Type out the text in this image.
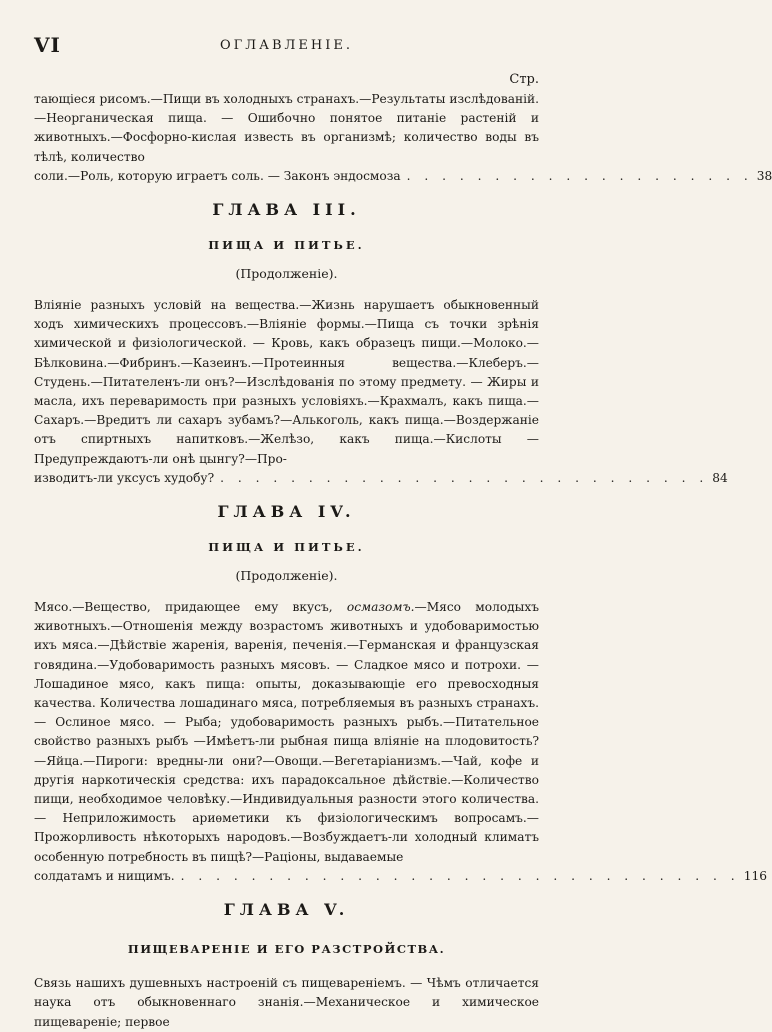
VI	ОГЛАВЛЕНІЕ.
Стр.

тающіеся рисомъ.—Пищи въ холодныхъ странахъ.—Результаты изслѣдованій.—Неорганическая пища. — Ошибочно понятое питаніе растеній и животныхъ.—Фосфорно-кислая известь въ организмѣ; количество воды въ тѣлѣ, количество

соли.—Роль, которую играетъ соль. — Законъ эндосмоза . . . . . . . . . . . . . . . . . . . . 38
ГЛАВА III.
ПИЩА И ПИТЬЕ.
(Продолженіе).

Вліяніе разныхъ условій на вещества.—Жизнь нарушаетъ обыкновенный ходъ химическихъ процессовъ.—Вліяніе формы.—Пища съ точки зрѣнія химической и физіологической. — Кровь, какъ образецъ пищи.—Молоко.—Бѣлковина.—Фибринъ.—Казеинъ.—Протеинныя вещества.—Клеберъ.— Студень.—Питателенъ-ли онъ?—Изслѣдованія по этому предмету. — Жиры и масла, ихъ переваримость при разныхъ условіяхъ.—Крахмалъ, какъ пища.—Сахаръ.—Вредитъ ли сахаръ зубамъ?—Алькоголь, какъ пища.—Воздержаніе отъ спиртныхъ напитковъ.—Желѣзо, какъ пища.—Кислоты — Предупреждаютъ-ли онѣ цынгу?—Про-

изводитъ-ли уксусъ худобу? . . . . . . . . . . . . . . . . . . . . . . . . . . . . 84
ГЛАВА IV.
ПИЩА И ПИТЬЕ.
(Продолженіе).

Мясо.—Вещество, придающее ему вкусъ, осмазомъ.—Мясо молодыхъ животныхъ.—Отношенія между возрастомъ животныхъ и удобоваримостью ихъ мяса.—Дѣйствіе жаренія, варенія, печенія.—Германская и французская говядина.—Удобоваримость разныхъ мясовъ. — Сладкое мясо и потрохи. — Лошадиное мясо, какъ пища: опыты, доказывающіе его превосходныя качества. Количества лошадинаго мяса, потребляемыя въ разныхъ странахъ. — Ослиное мясо. — Рыба; удобоваримость разныхъ рыбъ.—Питательное свойство разныхъ рыбъ —Имѣетъ-ли рыбная пища вліяніе на плодовитость?—Яйца.—Пироги: вредны-ли они?—Овощи.—Вегетаріанизмъ.—Чай, кофе и другія наркотическія средства: ихъ парадоксальное дѣйствіе.—Количество пищи, необходимое человѣку.—Индивидуальныя разности этого количества. — Неприложимость ариѳметики къ физіологическимъ вопросамъ.—Прожорливость нѣкоторыхъ народовъ.—Возбуждаетъ-ли холодный климатъ особенную потребность въ пищѣ?—Раціоны, выдаваемые

солдатамъ и нищимъ. . . . . . . . . . . . . . . . . . . . . . . . . . . . . . . . . 116
ГЛАВА V.
ПИЩЕВАРЕНІЕ И ЕГО РАЗСТРОЙСТВА.

Связь нашихъ душевныхъ настроеній съ пищевареніемъ. — Чѣмъ отличается наука отъ обыкновеннаго знанія.—Механическое и химическое пищевареніе; первое
